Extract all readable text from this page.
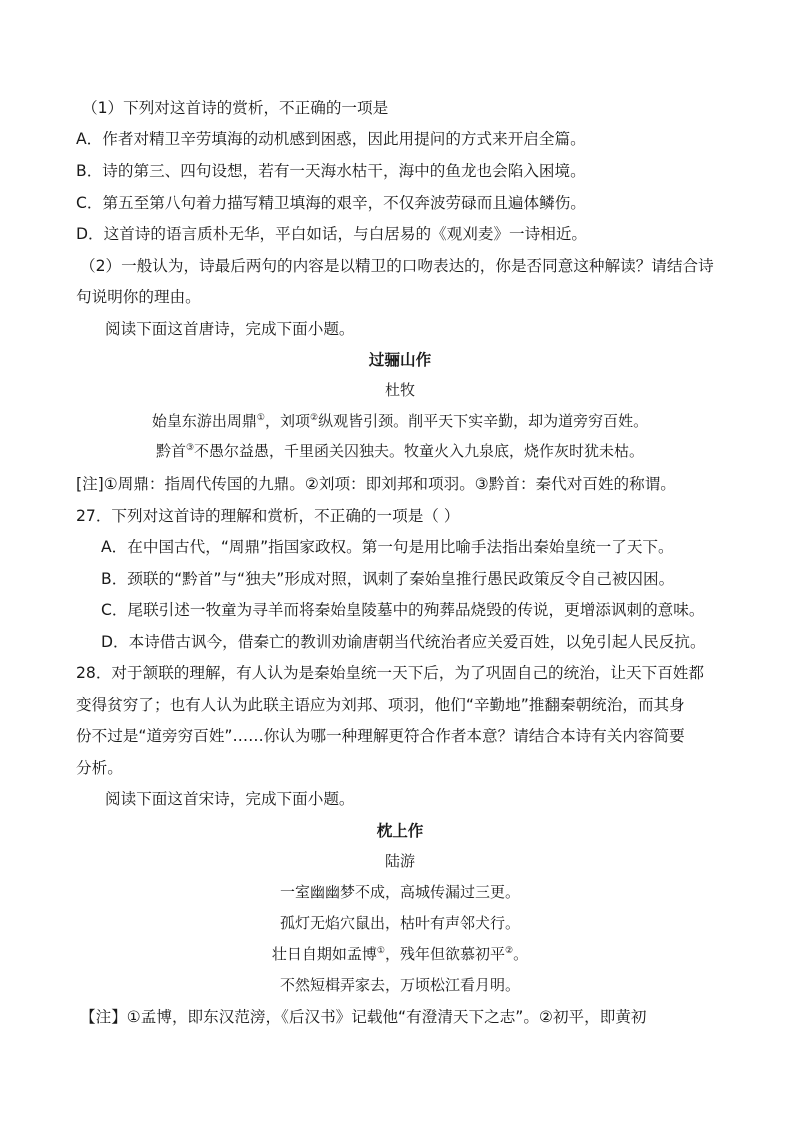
（1）下列对这首诗的赏析，不正确的一项是
A．作者对精卫辛劳填海的动机感到困惑，因此用提问的方式来开启全篇。
B．诗的第三、四句设想，若有一天海水枯干，海中的鱼龙也会陷入困境。
C．第五至第八句着力描写精卫填海的艰辛，不仅奔波劳碌而且遍体鳞伤。
D．这首诗的语言质朴无华，平白如话，与白居易的《观刈麦》一诗相近。
（2）一般认为，诗最后两句的内容是以精卫的口吻表达的，你是否同意这种解读？请结合诗
句说明你的理由。
阅读下面这首唐诗，完成下面小题。
过骊山作
杜牧
始皇东游出周鼎①，刘项②纵观皆引颈。削平天下实辛勤，却为道旁穷百姓。
黔首③不愚尔益愚，千里函关囚独夫。牧童火入九泉底，烧作灰时犹未枯。
[注]①周鼎：指周代传国的九鼎。②刘项：即刘邦和项羽。③黔首：秦代对百姓的称谓。
27．下列对这首诗的理解和赏析，不正确的一项是（ ）
A．在中国古代，“周鼎”指国家政权。第一句是用比喻手法指出秦始皇统一了天下。
B．颈联的“黔首”与“独夫”形成对照，讽刺了秦始皇推行愚民政策反令自己被囚困。
C．尾联引述一牧童为寻羊而将秦始皇陵墓中的殉葬品烧毁的传说，更增添讽刺的意味。
D．本诗借古讽今，借秦亡的教训劝谕唐朝当代统治者应关爱百姓，以免引起人民反抗。
28．对于颔联的理解，有人认为是秦始皇统一天下后，为了巩固自己的统治，让天下百姓都
变得贫穷了；也有人认为此联主语应为刘邦、项羽，他们“辛勤地”推翻秦朝统治，而其身
份不过是“道旁穷百姓”……你认为哪一种理解更符合作者本意？请结合本诗有关内容简要
分析。
阅读下面这首宋诗，完成下面小题。
枕上作
陆游
一室幽幽梦不成，高城传漏过三更。
孤灯无焰穴鼠出，枯叶有声邻犬行。
壮日自期如孟博①，残年但欲慕初平②。
不然短楫弄家去，万顷松江看月明。
【注】①孟博，即东汉范滂，《后汉书》记载他“有澄清天下之志”。②初平，即黄初
